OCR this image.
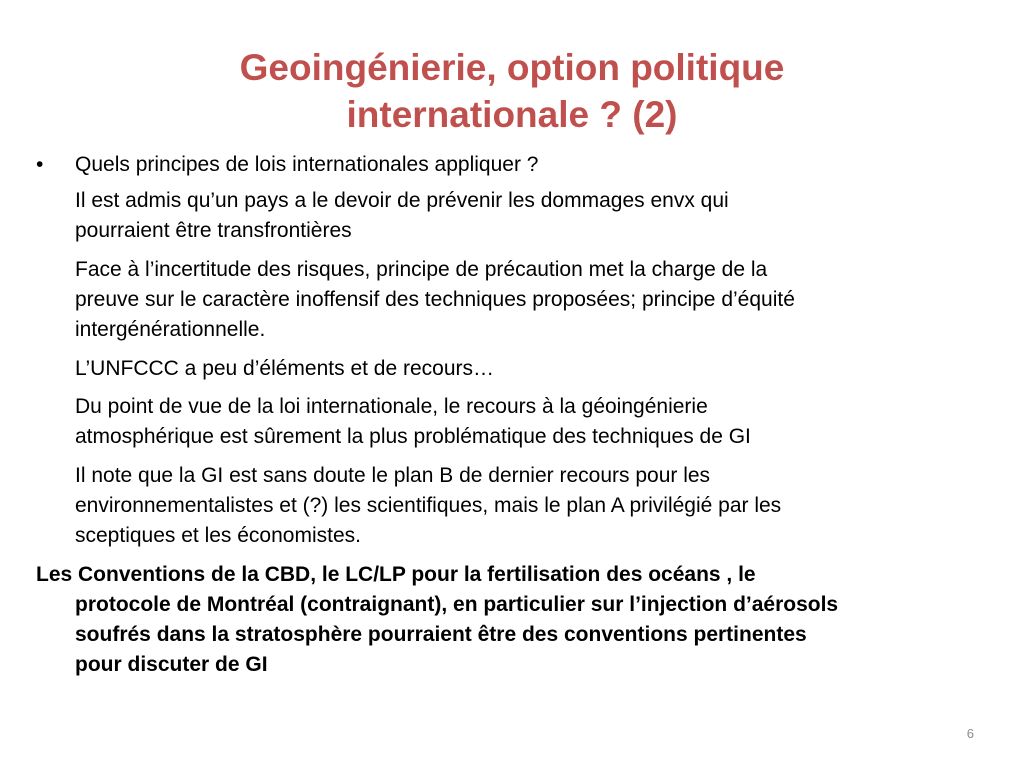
Geoingénierie, option politique
internationale ? (2)
• Quels principes de lois internationales appliquer ?
Il est admis qu’un pays a le devoir de prévenir les dommages envx qui
pourraient être transfrontières
Face à l’incertitude des risques, principe de précaution met la charge de la
preuve sur le caractère inoffensif des techniques proposées; principe d’équité
intergénérationnelle.
L’UNFCCC a peu d’éléments et de recours…
Du point de vue de la loi internationale, le recours à la géoingénierie
atmosphérique est sûrement la plus problématique des techniques de GI
Il note que la GI est sans doute le plan B de dernier recours pour les
environnementalistes et (?) les scientifiques, mais le plan A privilégié par les
sceptiques et les économistes.
Les Conventions de la CBD, le LC/LP pour la fertilisation des océans , le
protocole de Montréal (contraignant), en particulier sur l’injection d’aérosols
soufrés dans la stratosphère pourraient être des conventions pertinentes
pour discuter de GI
6
